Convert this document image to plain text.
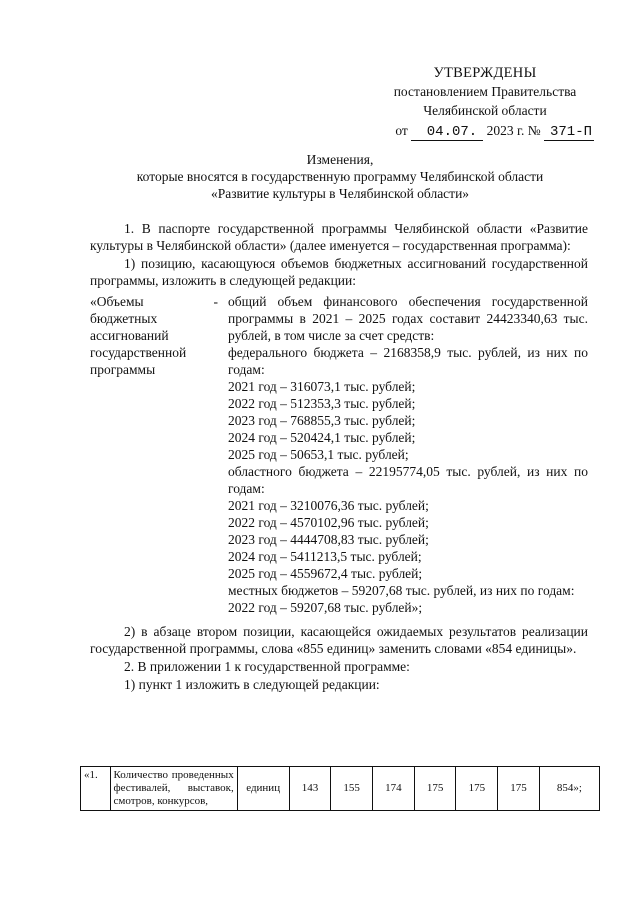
УТВЕРЖДЕНЫ
постановлением Правительства
Челябинской области
от 04.07. 2023 г. № 371-П
Изменения,
которые вносятся в государственную программу Челябинской области
«Развитие культуры в Челябинской области»

1. В паспорте государственной программы Челябинской области «Развитие культуры в Челябинской области» (далее именуется – государственная программа):

1) позицию, касающуюся объемов бюджетных ассигнований государственной программы, изложить в следующей редакции:

«Объемы бюджетных ассигнований государственной программы
- общий объем финансового обеспечения государственной программы в 2021 – 2025 годах составит 24423340,63 тыс. рублей, в том числе за счет средств:
федерального бюджета – 2168358,9 тыс. рублей, из них по годам:
2021 год – 316073,1 тыс. рублей;
2022 год – 512353,3 тыс. рублей;
2023 год – 768855,3 тыс. рублей;
2024 год – 520424,1 тыс. рублей;
2025 год – 50653,1 тыс. рублей;
областного бюджета – 22195774,05 тыс. рублей, из них по годам:
2021 год – 3210076,36 тыс. рублей;
2022 год – 4570102,96 тыс. рублей;
2023 год – 4444708,83 тыс. рублей;
2024 год – 5411213,5 тыс. рублей;
2025 год – 4559672,4 тыс. рублей;
местных бюджетов – 59207,68 тыс. рублей, из них по годам:
2022 год – 59207,68 тыс. рублей»;

2) в абзаце втором позиции, касающейся ожидаемых результатов реализации государственной программы, слова «855 единиц» заменить словами «854 единицы».

2. В приложении 1 к государственной программе:

1) пункт 1 изложить в следующей редакции:

«1.	Количество проведенных фестивалей, выставок, смотров, конкурсов,	единиц	143	155	174	175	175	175	854»;
